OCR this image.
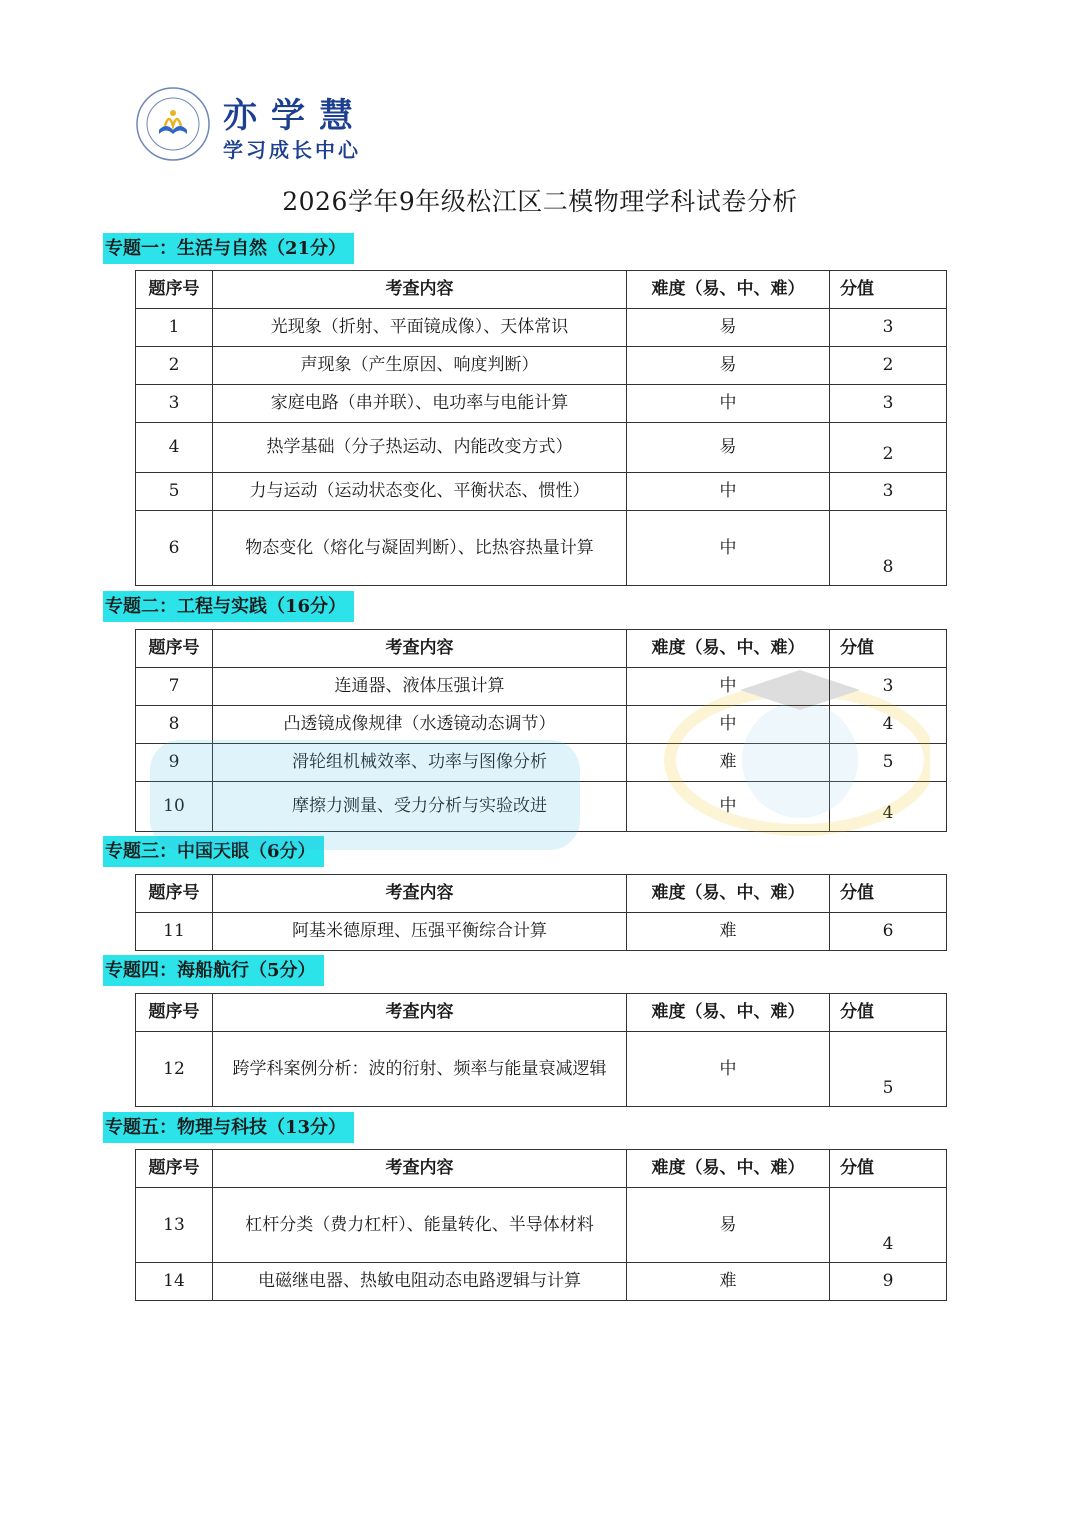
亦学慧
学习成长中心
2026学年9年级松江区二模物理学科试卷分析
专题一：生活与自然（21分）
题序号	考查内容	难度（易、中、难）	分值
1	光现象（折射、平面镜成像）、天体常识	易	3
2	声现象（产生原因、响度判断）	易	2
3	家庭电路（串并联）、电功率与电能计算	中	3
4	热学基础（分子热运动、内能改变方式）	易	2
5	力与运动（运动状态变化、平衡状态、惯性）	中	3
6	物态变化（熔化与凝固判断）、比热容热量计算	中	8
专题二：工程与实践（16分）
题序号	考查内容	难度（易、中、难）	分值
7	连通器、液体压强计算	中	3
8	凸透镜成像规律（水透镜动态调节）	中	4
9	滑轮组机械效率、功率与图像分析	难	5
10	摩擦力测量、受力分析与实验改进	中	4
专题三：中国天眼（6分）
题序号	考查内容	难度（易、中、难）	分值
11	阿基米德原理、压强平衡综合计算	难	6
专题四：海船航行（5分）
题序号	考查内容	难度（易、中、难）	分值
12	跨学科案例分析：波的衍射、频率与能量衰减逻辑	中	5
专题五：物理与科技（13分）
题序号	考查内容	难度（易、中、难）	分值
13	杠杆分类（费力杠杆）、能量转化、半导体材料	易	4
14	电磁继电器、热敏电阻动态电路逻辑与计算	难	9
